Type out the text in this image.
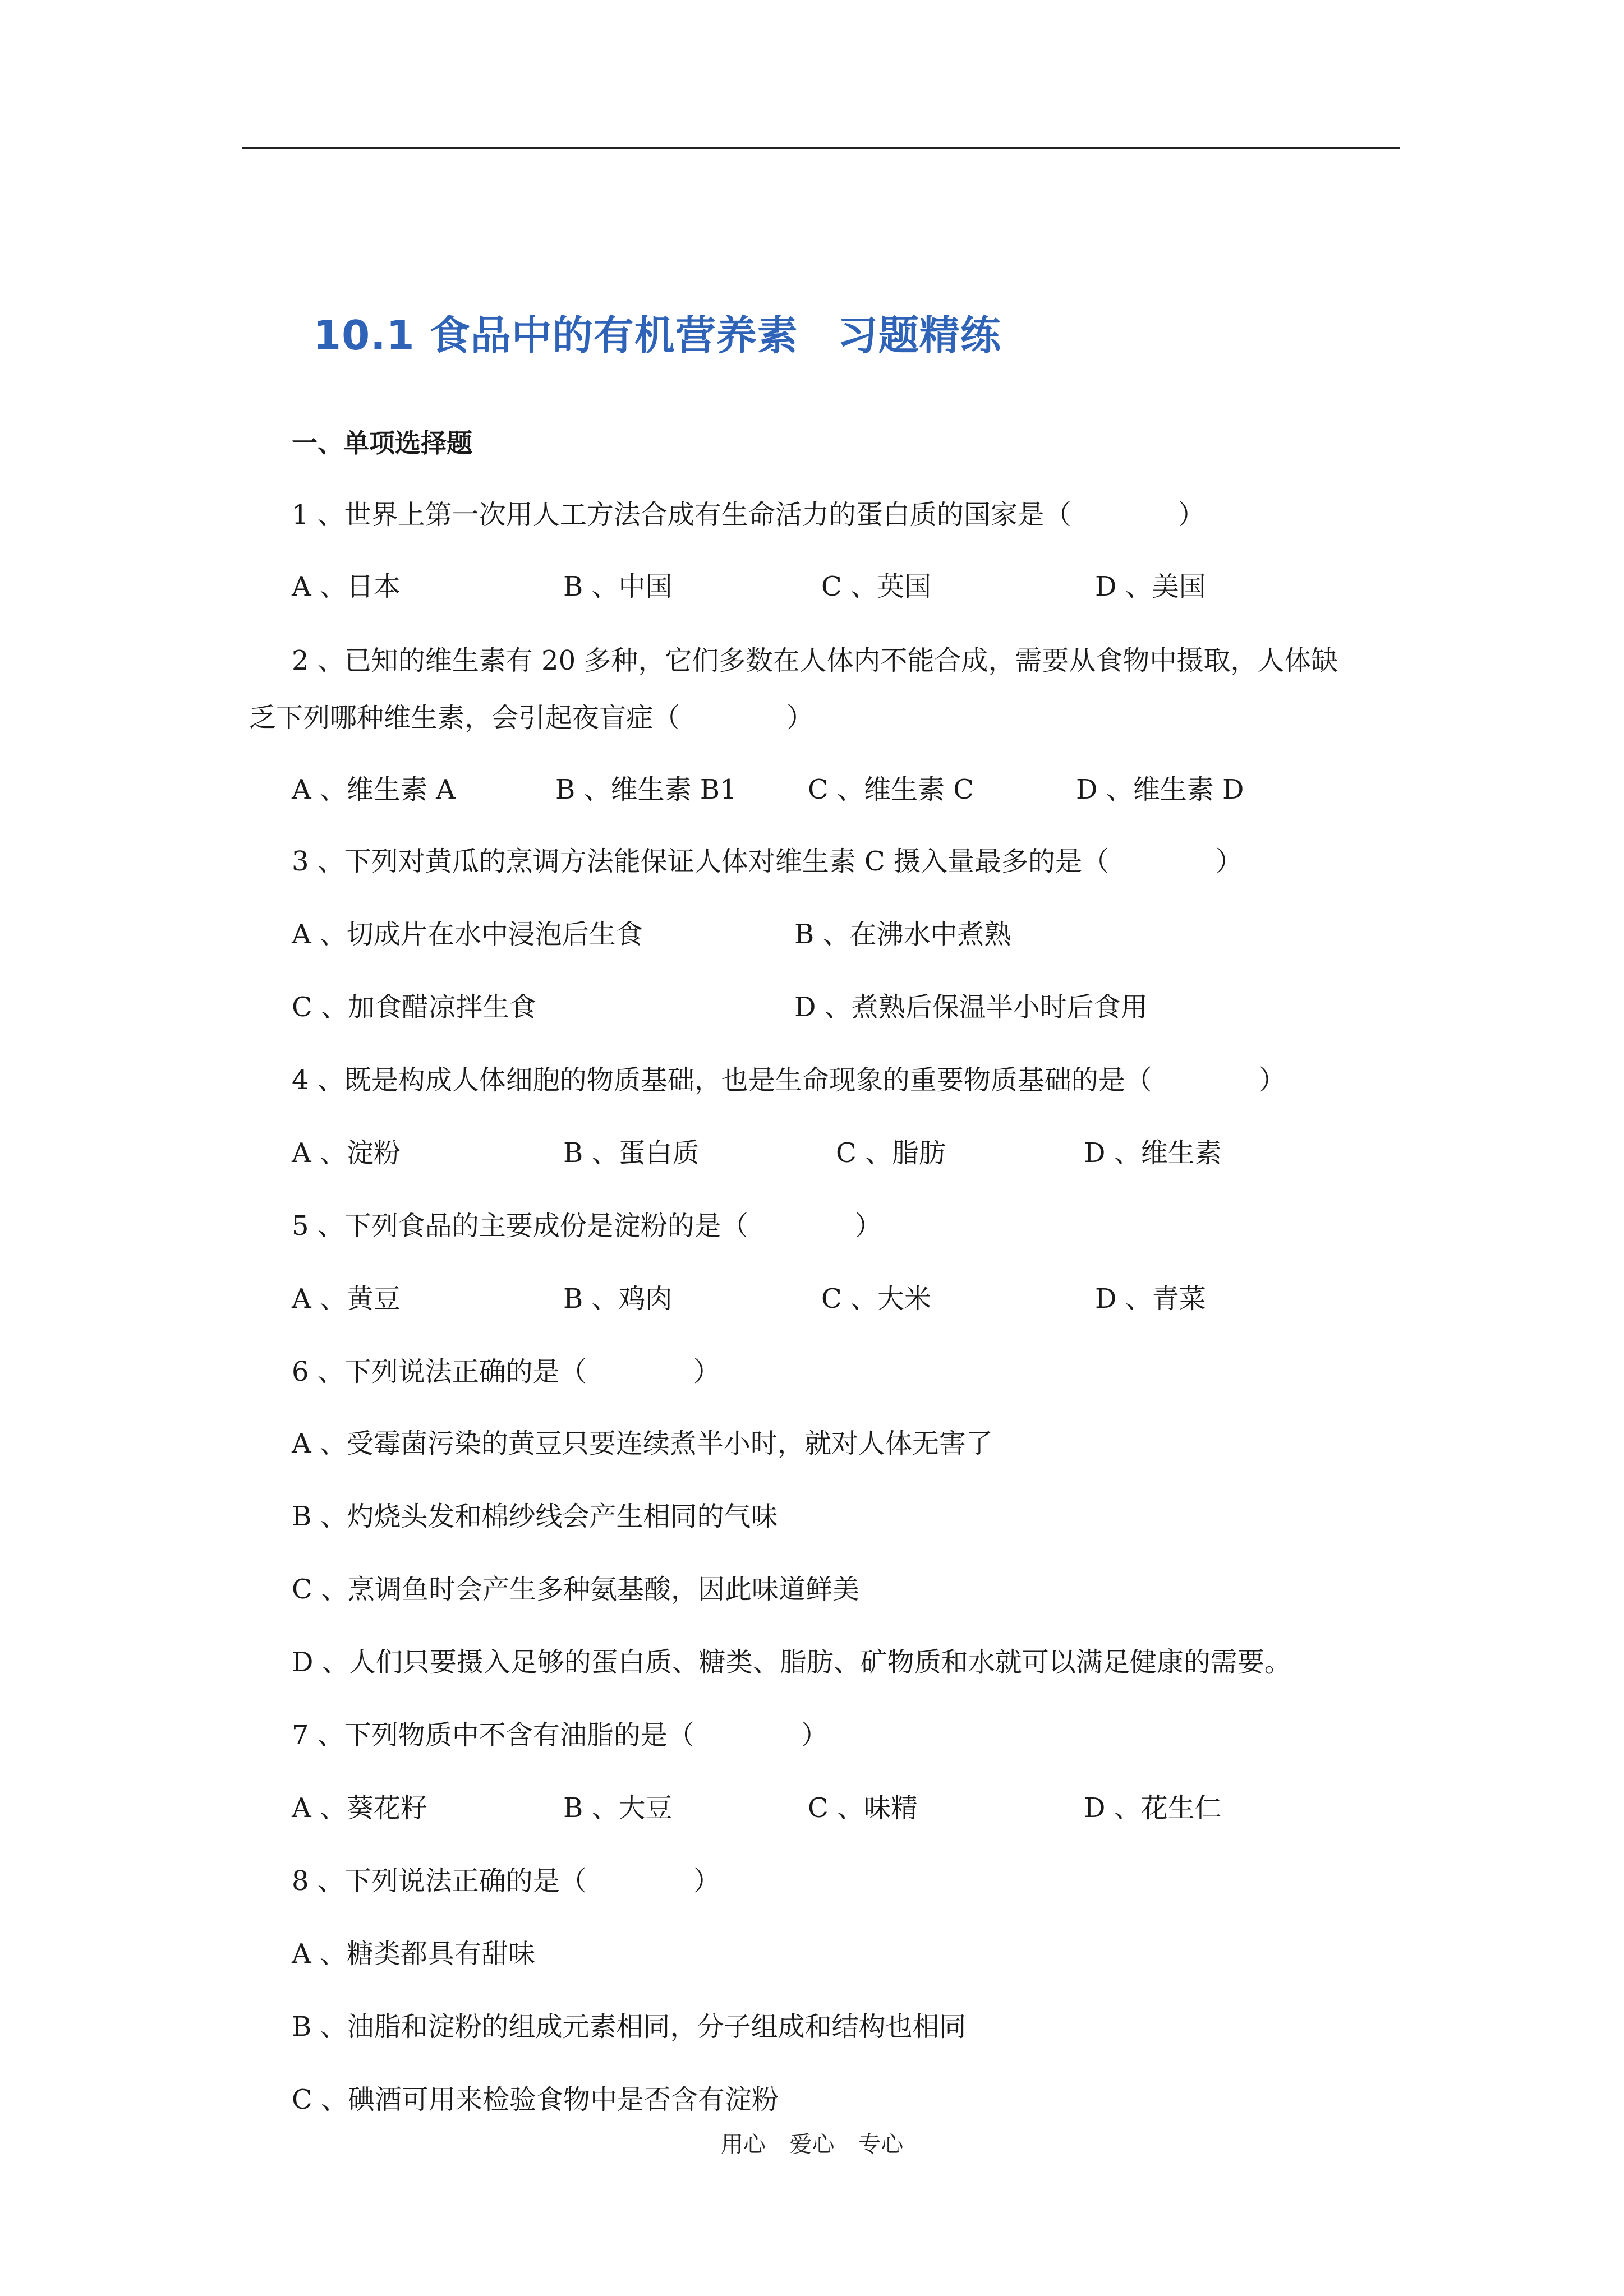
10.1 食品中的有机营养素 习题精练
一、单项选择题
1 、世界上第一次用人工方法合成有生命活力的蛋白质的国家是（	）
A 、日本	B 、中国	C 、英国	D 、美国
2 、已知的维生素有 20 多种，它们多数在人体内不能合成，需要从食物中摄取，人体缺
乏下列哪种维生素，会引起夜盲症（	）
A 、维生素 A	B 、维生素 B1	C 、维生素 C	D 、维生素 D
3 、下列对黄瓜的烹调方法能保证人体对维生素 C 摄入量最多的是（	）
A 、切成片在水中浸泡后生食	B 、在沸水中煮熟
C 、加食醋凉拌生食	D 、煮熟后保温半小时后食用
4 、既是构成人体细胞的物质基础，也是生命现象的重要物质基础的是（	）
A 、淀粉	B 、蛋白质	C 、脂肪	D 、维生素
5 、下列食品的主要成份是淀粉的是（	）
A 、黄豆	B 、鸡肉	C 、大米	D 、青菜
6 、下列说法正确的是（	）
A 、受霉菌污染的黄豆只要连续煮半小时，就对人体无害了
B 、灼烧头发和棉纱线会产生相同的气味
C 、烹调鱼时会产生多种氨基酸，因此味道鲜美
D 、人们只要摄入足够的蛋白质、糖类、脂肪、矿物质和水就可以满足健康的需要。
7 、下列物质中不含有油脂的是（	）
A 、葵花籽	B 、大豆	C 、味精	D 、花生仁
8 、下列说法正确的是（	）
A 、糖类都具有甜味
B 、油脂和淀粉的组成元素相同，分子组成和结构也相同
C 、碘酒可用来检验食物中是否含有淀粉
用心 爱心 专心
